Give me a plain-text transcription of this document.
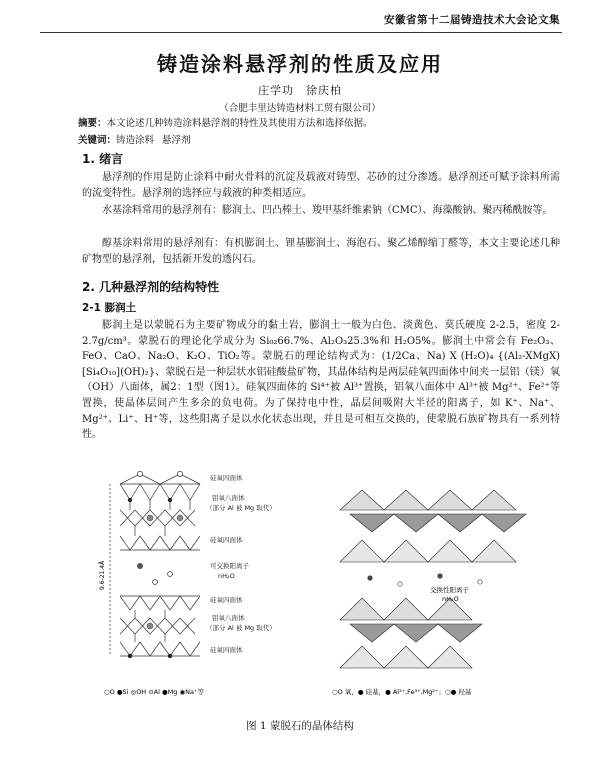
安徽省第十二届铸造技术大会论文集
铸造涂料悬浮剂的性质及应用
庄学功　徐庆柏
（合肥丰里达铸造材料工贸有限公司）
摘要：本文论述几种铸造涂料悬浮剂的特性及其使用方法和选择依据。
关键词：铸造涂料 悬浮剂
1. 绪言
悬浮剂的作用是防止涂料中耐火骨料的沉淀及载液对铸型、芯砂的过分渗透。悬浮剂还可赋予涂料所需的流变特性。悬浮剂的选择应与载液的种类相适应。
水基涂料常用的悬浮剂有：膨润土、凹凸棒土、羧甲基纤维素钠（CMC）、海藻酸钠、聚丙稀酰胺等。
醇基涂料常用的悬浮剂有：有机膨润土、锂基膨润土、海泡石、聚乙烯醇缩丁醛等，本文主要论述几种矿物型的悬浮剂，包括新开发的透闪石。
2. 几种悬浮剂的结构特性
2-1 膨润土
膨润土是以蒙脱石为主要矿物成分的黏土岩，膨润土一般为白色、淡黄色、莫氏硬度 2-2.5，密度 2-2.7g/cm³。蒙脱石的理论化学成分为 Si₀₂66.7%、Al₂O₃25.3%和 H₂O5%。膨润土中常会有 Fe₂O₃、FeO、CaO、Na₂O、K₂O、TiO₂等。蒙脱石的理论结构式为：(1/2Ca、Na) X (H₂O)₄ {(Al₂-XMgX) [Si₄O₁₀](OH)₂}、蒙脱石是一种层状水铝硅酸盐矿物，其晶体结构是两层硅氧四面体中间夹一层铝（镁）氧（OH）八面体，属2：1型（图1）。硅氧四面体的 Si⁴⁺被 Al³⁺置换，铝氧八面体中 Al³⁺被 Mg²⁺、Fe²⁺等置换，使晶体层间产生多余的负电荷。为了保持电中性，晶层间吸附大半径的阳离子，如 K⁺、Na⁺、Mg²⁺、Li⁺、H⁺等，这些阳离子是以水化状态出现，并且是可相互交换的，使蒙脱石族矿物具有一系列特性。
9.6-21.4Å
硅氧四面体
铝氧八面体
（部分 Al 被 Mg 取代）
硅氧四面体
可交换阳离子
nH₂O
硅氧四面体
铝氧八面体
（部分 Al 被 Mg 取代）
硅氧四面体
交换性阳离子
nH₂O
○O ●Si ◎OH ⊙Al ●Mg ◉Na⁺等	○O 氧，● 硅基，● Al³⁺,Fe³⁺,Mg²⁺；○● 羟基
图 1 蒙脱石的晶体结构
